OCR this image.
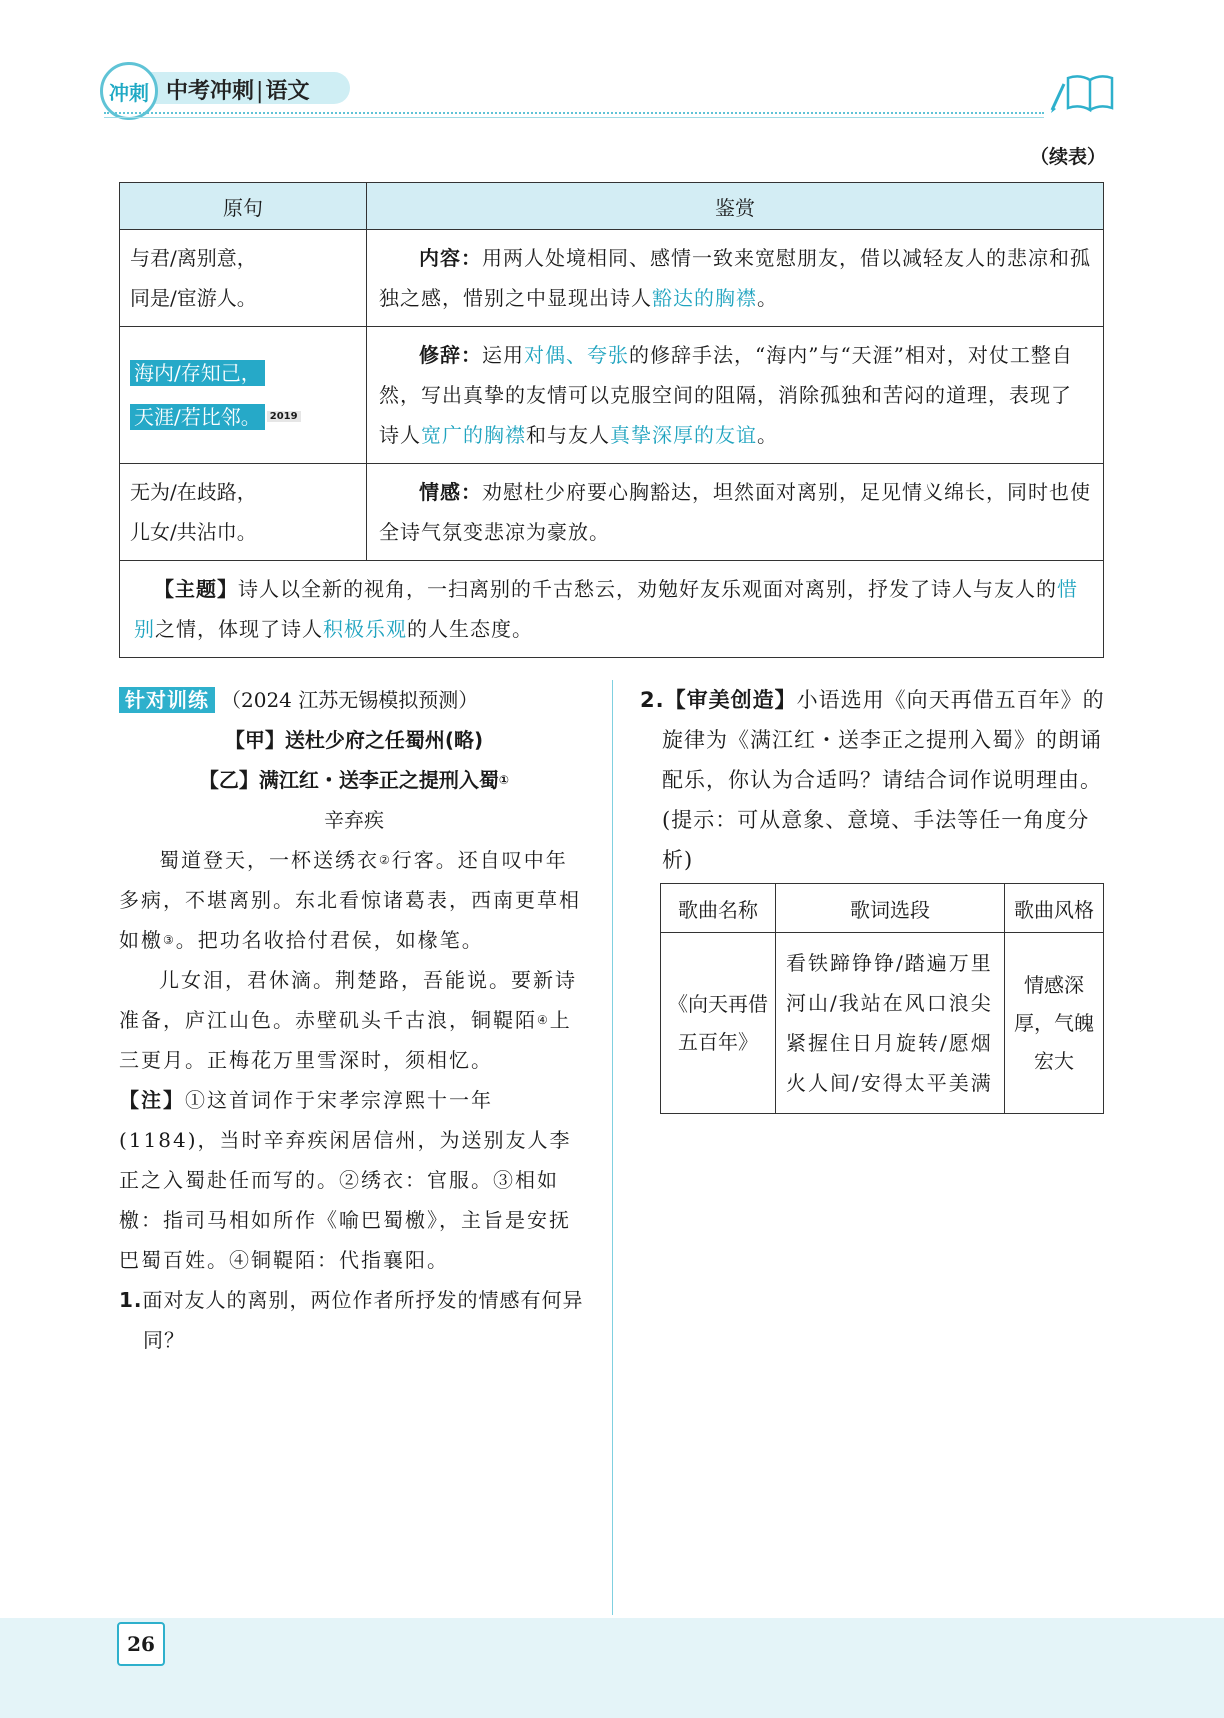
冲刺 中考冲刺|语文
（续表）
原句	鉴赏

与君/离别意，
同是/宦游人。	内容：用两人处境相同、感情一致来宽慰朋友，借以减轻友人的悲凉和孤独之感，惜别之中显现出诗人豁达的胸襟。

海内/存知己，
天涯/若比邻。 $^{2019}$	修辞：运用对偶、夸张的修辞手法，“海内”与“天涯”相对，对仗工整自然，写出真挚的友情可以克服空间的阻隔，消除孤独和苦闷的道理，表现了诗人宽广的胸襟和与友人真挚深厚的友谊。

无为/在歧路，
儿女/共沾巾。	情感：劝慰杜少府要心胸豁达，坦然面对离别，足见情义绵长，同时也使全诗气氛变悲凉为豪放。

【主题】诗人以全新的视角，一扫离别的千古愁云，劝勉好友乐观面对离别，抒发了诗人与友人的惜别之情，体现了诗人积极乐观的人生态度。	
针对训练 （2024 江苏无锡模拟预测）
【甲】送杜少府之任蜀州(略)
【乙】满江红・送李正之提刑入蜀①
辛弃疾
蜀道登天，一杯送绣衣②行客。还自叹中年多病，不堪离别。东北看惊诸葛表，西南更草相如檄③。把功名收拾付君侯，如椽笔。
儿女泪，君休滴。荆楚路，吾能说。要新诗准备，庐江山色。赤壁矶头千古浪，铜鞮陌④上三更月。正梅花万里雪深时，须相忆。
【注】①这首词作于宋孝宗淳熙十一年(1184)，当时辛弃疾闲居信州，为送别友人李正之入蜀赴任而写的。②绣衣：官服。③相如檄：指司马相如所作《喻巴蜀檄》，主旨是安抚巴蜀百姓。④铜鞮陌：代指襄阳。
1.面对友人的离别，两位作者所抒发的情感有何异同？
2.【审美创造】小语选用《向天再借五百年》的旋律为《满江红・送李正之提刑入蜀》的朗诵配乐，你认为合适吗？请结合词作说明理由。(提示：可从意象、意境、手法等任一角度分析)
歌曲名称	歌词选段	歌曲风格
《向天再借五百年》	看铁蹄铮铮/踏遍万里河山/我站在风口浪尖紧握住日月旋转/愿烟火人间/安得太平美满	情感深厚，气魄宏大
26
